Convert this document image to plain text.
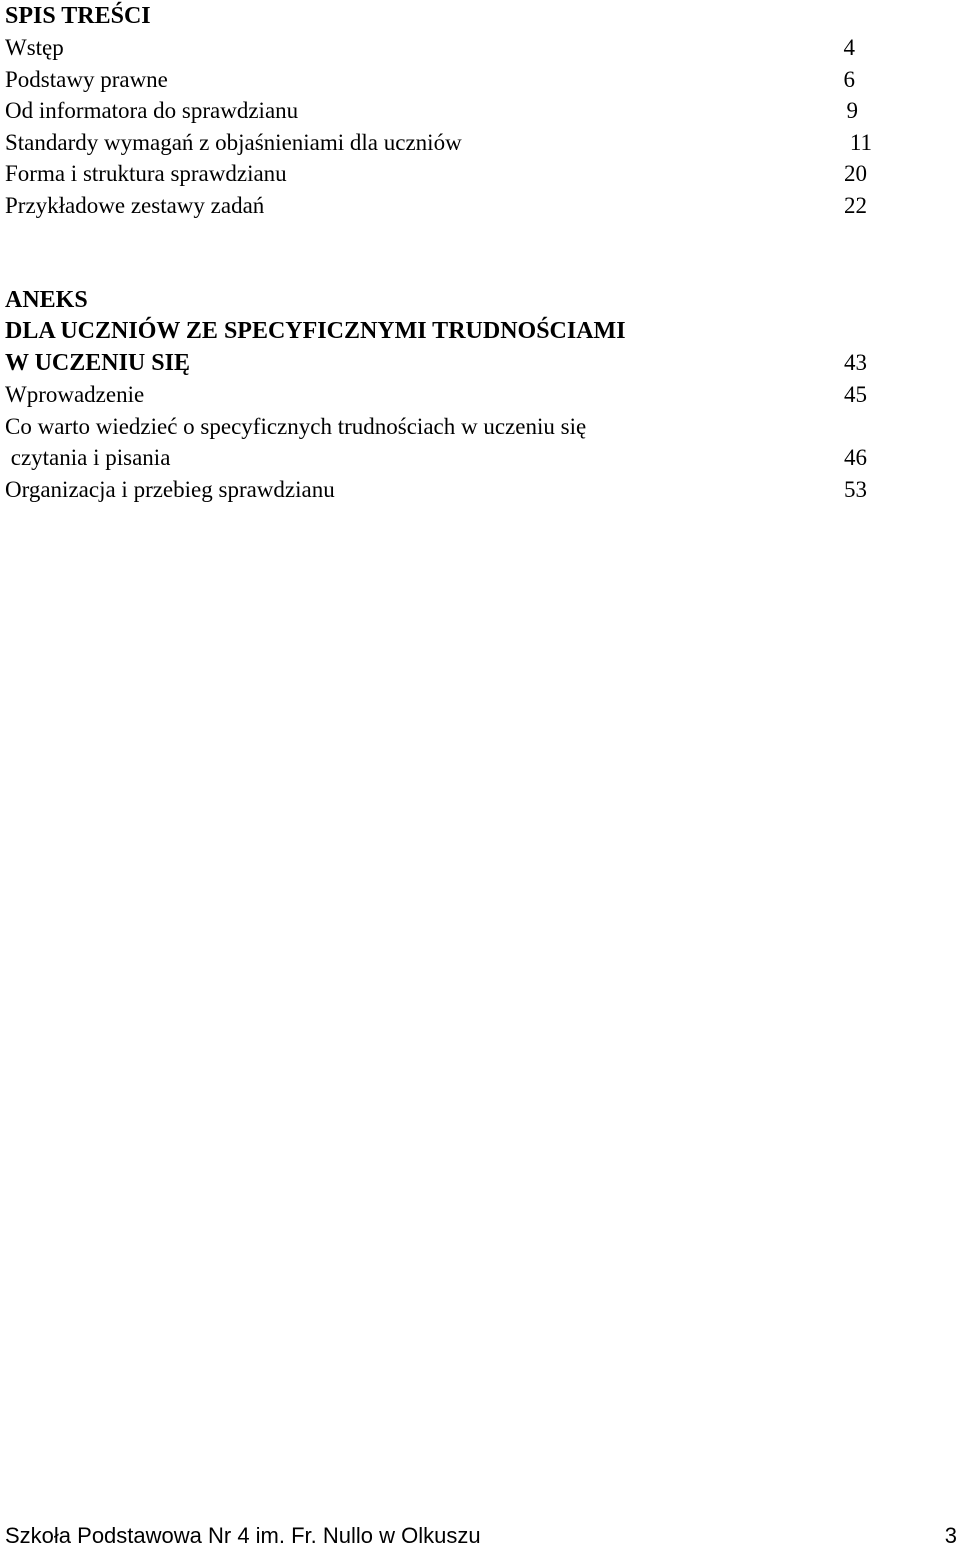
SPIS TREŚCI
Wstęp	4
Podstawy prawne	6
Od informatora do sprawdzianu	9
Standardy wymagań z objaśnieniami dla uczniów	11
Forma i struktura sprawdzianu	20
Przykładowe zestawy zadań	22
ANEKS
DLA UCZNIÓW ZE SPECYFICZNYMI TRUDNOŚCIAMI
W UCZENIU SIĘ	43
Wprowadzenie	45
Co warto wiedzieć o specyficznych trudnościach w uczeniu się
czytania i pisania	46
Organizacja i przebieg sprawdzianu	53
Szkoła Podstawowa Nr 4 im. Fr. Nullo w Olkuszu	3
